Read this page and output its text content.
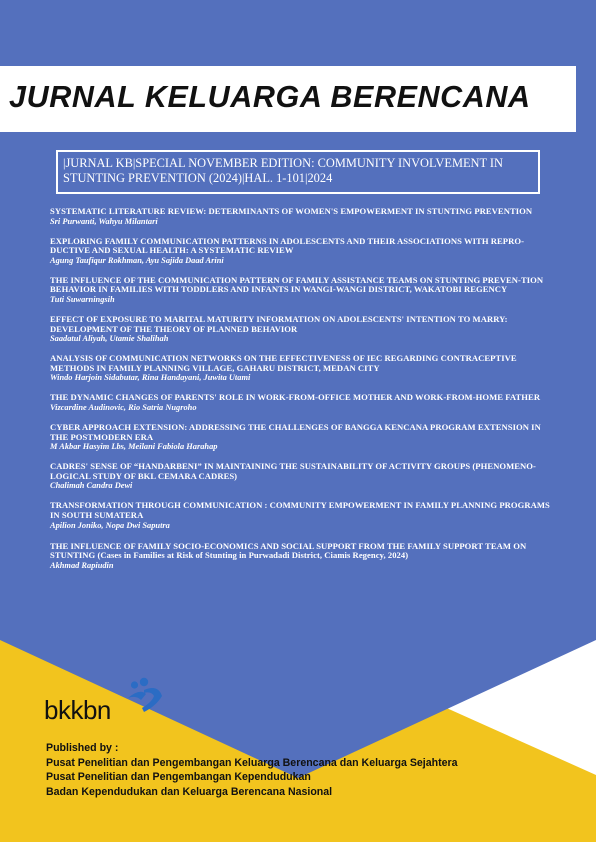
JURNAL KELUARGA BERENCANA
|JURNAL KB|SPECIAL NOVEMBER EDITION: COMMUNITY INVOLVEMENT IN STUNTING PREVENTION (2024)|HAL. 1-101|2024
SYSTEMATIC LITERATURE REVIEW: DETERMINANTS OF WOMEN'S EMPOWERMENT IN STUNTING PREVENTION
Sri Purwanti, Wahyu Milantari
EXPLORING FAMILY COMMUNICATION PATTERNS IN ADOLESCENTS AND THEIR ASSOCIATIONS WITH REPRO-DUCTIVE AND SEXUAL HEALTH: A SYSTEMATIC REVIEW
Agung Taufiqur Rokhman, Ayu Sajida Daad Arini
THE INFLUENCE OF THE COMMUNICATION PATTERN OF FAMILY ASSISTANCE TEAMS ON STUNTING PREVEN-TION BEHAVIOR IN FAMILIES WITH TODDLERS AND INFANTS IN WANGI-WANGI DISTRICT, WAKATOBI REGENCY
Tuti Suwarningsih
EFFECT OF EXPOSURE TO MARITAL MATURITY INFORMATION ON ADOLESCENTS' INTENTION TO MARRY: DEVELOPMENT OF THE THEORY OF PLANNED BEHAVIOR
Saadatul Aliyah, Utamie Shalihah
ANALYSIS OF COMMUNICATION NETWORKS ON THE EFFECTIVENESS OF IEC REGARDING CONTRACEPTIVE METHODS IN FAMILY PLANNING VILLAGE, GAHARU DISTRICT, MEDAN CITY
Windo Harjoin Sidabutar, Rina Handayani, Juwita Utami
THE DYNAMIC CHANGES OF PARENTS' ROLE IN WORK-FROM-OFFICE MOTHER AND WORK-FROM-HOME FATHER
Vizcardine Audinovic, Rio Satria Nugroho
CYBER APPROACH EXTENSION: ADDRESSING THE CHALLENGES OF BANGGA KENCANA PROGRAM EXTENSION IN THE POSTMODERN ERA
M Akbar Hasyim Lbs, Meilani Fabiola Harahap
CADRES' SENSE OF “HANDARBENI” IN MAINTAINING THE SUSTAINABILITY OF ACTIVITY GROUPS (PHENOMENO-LOGICAL STUDY OF BKL CEMARA CADRES)
Chalimah Candra Dewi
TRANSFORMATION THROUGH COMMUNICATION : COMMUNITY EMPOWERMENT IN FAMILY PLANNING PROGRAMS IN SOUTH SUMATERA
Apilion Joniko, Nopa Dwi Saputra
THE INFLUENCE OF FAMILY SOCIO-ECONOMICS AND SOCIAL SUPPORT FROM THE FAMILY SUPPORT TEAM ON STUNTING (Cases in Families at Risk of Stunting in Purwadadi District, Ciamis Regency, 2024)
Akhmad Rapiudin
bkkbn
Published by :
Pusat Penelitian dan Pengembangan Keluarga Berencana dan Keluarga Sejahtera
Pusat Penelitian dan Pengembangan Kependudukan
Badan Kependudukan dan Keluarga Berencana Nasional
